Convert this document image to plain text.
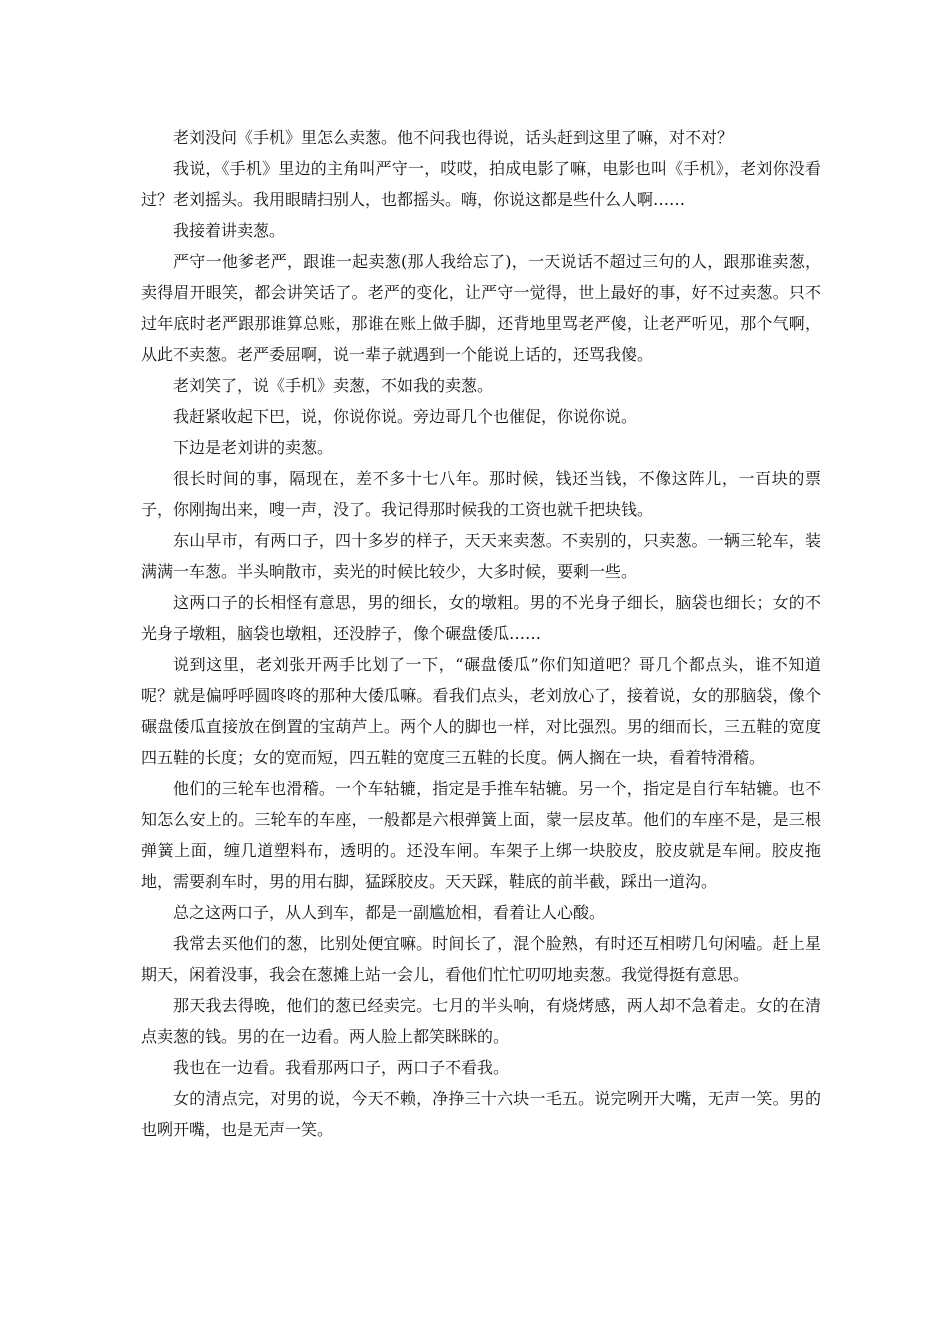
老刘没问《手机》里怎么卖葱。他不问我也得说，话头赶到这里了嘛，对不对？

我说，《手机》里边的主角叫严守一，哎哎，拍成电影了嘛，电影也叫《手机》，老刘你没看过？老刘摇头。我用眼睛扫别人，也都摇头。嗨，你说这都是些什么人啊……

我接着讲卖葱。

严守一他爹老严，跟谁一起卖葱(那人我给忘了)，一天说话不超过三句的人，跟那谁卖葱，卖得眉开眼笑，都会讲笑话了。老严的变化，让严守一觉得，世上最好的事，好不过卖葱。只不过年底时老严跟那谁算总账，那谁在账上做手脚，还背地里骂老严傻，让老严听见，那个气啊，从此不卖葱。老严委屈啊，说一辈子就遇到一个能说上话的，还骂我傻。

老刘笑了，说《手机》卖葱，不如我的卖葱。

我赶紧收起下巴，说，你说你说。旁边哥几个也催促，你说你说。

下边是老刘讲的卖葱。

很长时间的事，隔现在，差不多十七八年。那时候，钱还当钱，不像这阵儿，一百块的票子，你刚掏出来，嗖一声，没了。我记得那时候我的工资也就千把块钱。

东山早市，有两口子，四十多岁的样子，天天来卖葱。不卖别的，只卖葱。一辆三轮车，装满满一车葱。半头晌散市，卖光的时候比较少，大多时候，要剩一些。

这两口子的长相怪有意思，男的细长，女的墩粗。男的不光身子细长，脑袋也细长；女的不光身子墩粗，脑袋也墩粗，还没脖子，像个碾盘倭瓜……

说到这里，老刘张开两手比划了一下，“碾盘倭瓜”你们知道吧？哥几个都点头，谁不知道呢？就是偏呼呼圆咚咚的那种大倭瓜嘛。看我们点头，老刘放心了，接着说，女的那脑袋，像个碾盘倭瓜直接放在倒置的宝葫芦上。两个人的脚也一样，对比强烈。男的细而长，三五鞋的宽度四五鞋的长度；女的宽而短，四五鞋的宽度三五鞋的长度。俩人搁在一块，看着特滑稽。

他们的三轮车也滑稽。一个车轱辘，指定是手推车轱辘。另一个，指定是自行车轱辘。也不知怎么安上的。三轮车的车座，一般都是六根弹簧上面，蒙一层皮革。他们的车座不是，是三根弹簧上面，缠几道塑料布，透明的。还没车闸。车架子上绑一块胶皮，胶皮就是车闸。胶皮拖地，需要刹车时，男的用右脚，猛踩胶皮。天天踩，鞋底的前半截，踩出一道沟。

总之这两口子，从人到车，都是一副尴尬相，看着让人心酸。

我常去买他们的葱，比别处便宜嘛。时间长了，混个脸熟，有时还互相唠几句闲嗑。赶上星期天，闲着没事，我会在葱摊上站一会儿，看他们忙忙叨叨地卖葱。我觉得挺有意思。

那天我去得晚，他们的葱已经卖完。七月的半头响，有烧烤感，两人却不急着走。女的在清点卖葱的钱。男的在一边看。两人脸上都笑眯眯的。

我也在一边看。我看那两口子，两口子不看我。

女的清点完，对男的说，今天不赖，净挣三十六块一毛五。说完咧开大嘴，无声一笑。男的也咧开嘴，也是无声一笑。
